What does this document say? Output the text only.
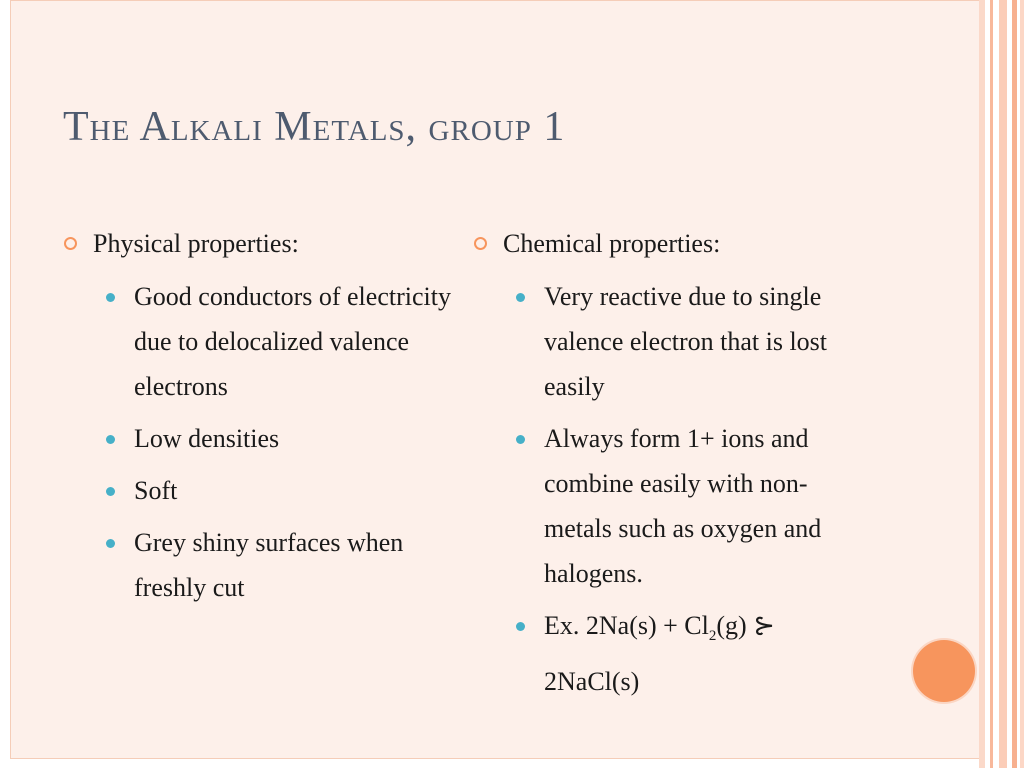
The Alkali Metals, group 1
Physical properties:
Good conductors of electricity due to delocalized valence electrons
Low densities
Soft
Grey shiny surfaces when freshly cut
Chemical properties:
Very reactive due to single valence electron that is lost easily
Always form 1+ ions and combine easily with non-metals such as oxygen and halogens.
Ex. $2Na(s) + Cl_2(g)$ ⊱
2NaCl(s)
